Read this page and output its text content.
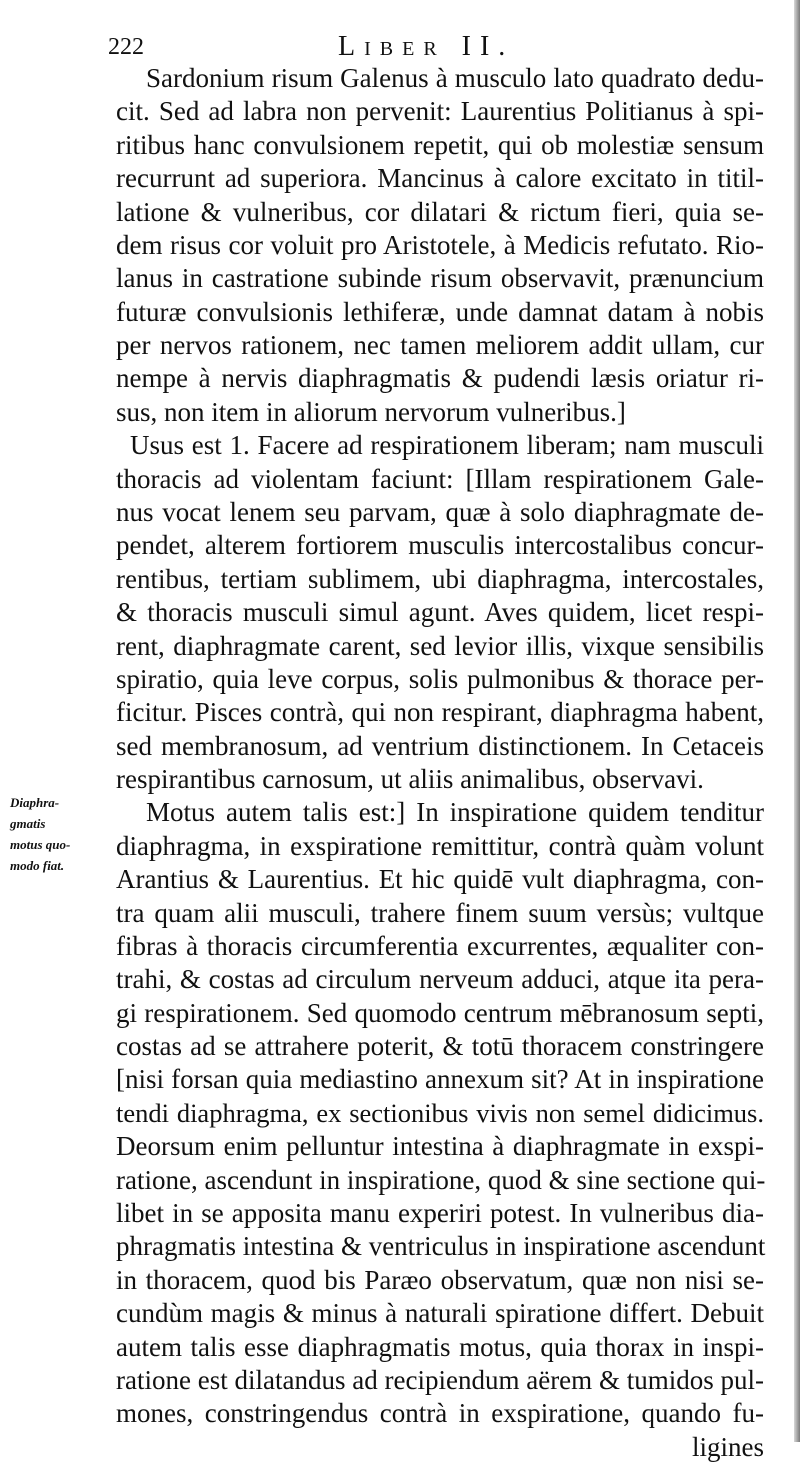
222	Liber II.
Diaphra-
gmatis
motus quo-
modo fiat.
Sardonium risum Galenus à musculo lato quadrato dedu-
cit. Sed ad labra non pervenit: Laurentius Politianus à spi-
ritibus hanc convulsionem repetit, qui ob molestiæ sensum
recurrunt ad superiora. Mancinus à calore excitato in titil-
latione & vulneribus, cor dilatari & rictum fieri, quia se-
dem risus cor voluit pro Aristotele, à Medicis refutato. Rio-
lanus in castratione subinde risum observavit, prænuncium
futuræ convulsionis lethiferæ, unde damnat datam à nobis
per nervos rationem, nec tamen meliorem addit ullam, cur
nempe à nervis diaphragmatis & pudendi læsis oriatur ri-
sus, non item in aliorum nervorum vulneribus.]
Usus est 1. Facere ad respirationem liberam; nam musculi
thoracis ad violentam faciunt: [Illam respirationem Gale-
nus vocat lenem seu parvam, quæ à solo diaphragmate de-
pendet, alterem fortiorem musculis intercostalibus concur-
rentibus, tertiam sublimem, ubi diaphragma, intercostales,
& thoracis musculi simul agunt. Aves quidem, licet respi-
rent, diaphragmate carent, sed levior illis, vixque sensibilis
spiratio, quia leve corpus, solis pulmonibus & thorace per-
ficitur. Pisces contrà, qui non respirant, diaphragma habent,
sed membranosum, ad ventrium distinctionem. In Cetaceis
respirantibus carnosum, ut aliis animalibus, observavi.
Motus autem talis est:] In inspiratione quidem tenditur
diaphragma, in exspiratione remittitur, contrà quàm volunt
Arantius & Laurentius. Et hic quidē vult diaphragma, con-
tra quam alii musculi, trahere finem suum versùs; vultque
fibras à thoracis circumferentia excurrentes, æqualiter con-
trahi, & costas ad circulum nerveum adduci, atque ita pera-
gi respirationem. Sed quomodo centrum mēbranosum septi,
costas ad se attrahere poterit, & totū thoracem constringere
[nisi forsan quia mediastino annexum sit? At in inspiratione
tendi diaphragma, ex sectionibus vivis non semel didicimus.
Deorsum enim pelluntur intestina à diaphragmate in exspi-
ratione, ascendunt in inspiratione, quod & sine sectione qui-
libet in se apposita manu experiri potest. In vulneribus dia-
phragmatis intestina & ventriculus in inspiratione ascendunt
in thoracem, quod bis Paræo observatum, quæ non nisi se-
cundùm magis & minus à naturali spiratione differt. Debuit
autem talis esse diaphragmatis motus, quia thorax in inspi-
ratione est dilatandus ad recipiendum aërem & tumidos pul-
mones, constringendus contrà in exspiratione, quando fu-
ligines
